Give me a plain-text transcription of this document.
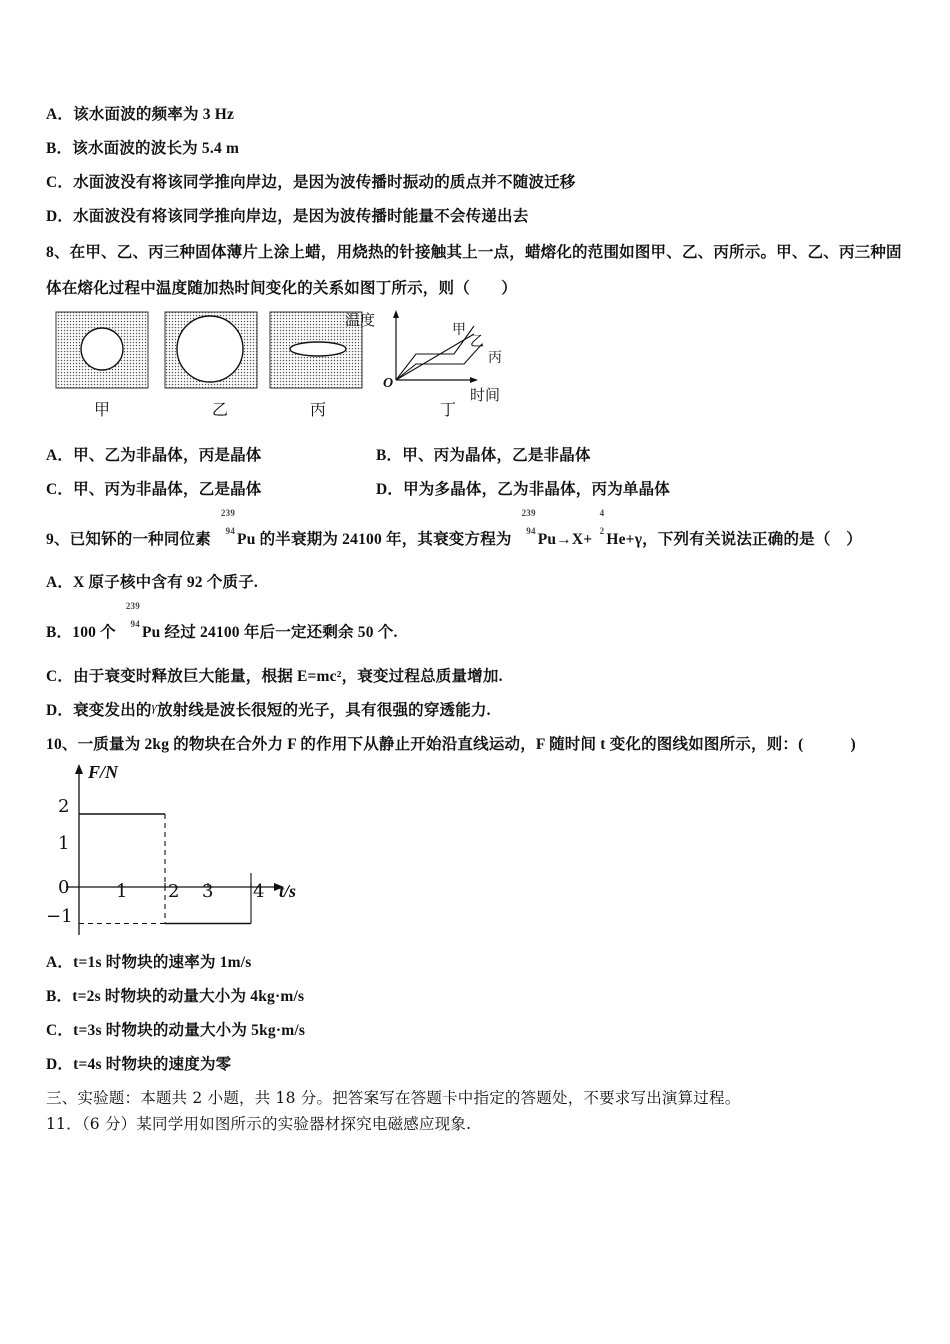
A．该水面波的频率为 3 Hz
B．该水面波的波长为 5.4 m
C．水面波没有将该同学推向岸边，是因为波传播时振动的质点并不随波迁移
D．水面波没有将该同学推向岸边，是因为波传播时能量不会传递出去
8、在甲、乙、丙三种固体薄片上涂上蜡，用烧热的针接触其上一点，蜡熔化的范围如图甲、乙、丙所示。甲、乙、丙三种固
体在熔化过程中温度随加热时间变化的关系如图丁所示，则（　　）
温度
甲
乙
丙
O
时间
甲	乙	丙	丁
A．甲、乙为非晶体，丙是晶体	B．甲、丙为晶体，乙是非晶体
C．甲、丙为非晶体，乙是晶体	D．甲为多晶体，乙为非晶体，丙为单晶体
9、已知钚的一种同位素
239
94 Pu 的半衰期为 24100 年，其衰变方程为
239
94 Pu→X+
4
2 He+γ，下列有关说法正确的是（　）
A．X 原子核中含有 92 个质子.
B．100 个
239
94 Pu 经过 24100 年后一定还剩余 50 个.
C．由于衰变时释放巨大能量，根据 E=mc²，衰变过程总质量增加.
D．衰变发出的γ放射线是波长很短的光子，具有很强的穿透能力.
10、一质量为 2kg 的物块在合外力 F 的作用下从静止开始沿直线运动，F 随时间 t 变化的图线如图所示，则：(　　　)
F/N
2
1
0
−1
1 2 3 4 t/s
A．t=1s 时物块的速率为 1m/s
B．t=2s 时物块的动量大小为 4kg·m/s
C．t=3s 时物块的动量大小为 5kg·m/s
D．t=4s 时物块的速度为零
三、实验题：本题共 2 小题，共 18 分。把答案写在答题卡中指定的答题处，不要求写出演算过程。
11．（6 分）某同学用如图所示的实验器材探究电磁感应现象.
